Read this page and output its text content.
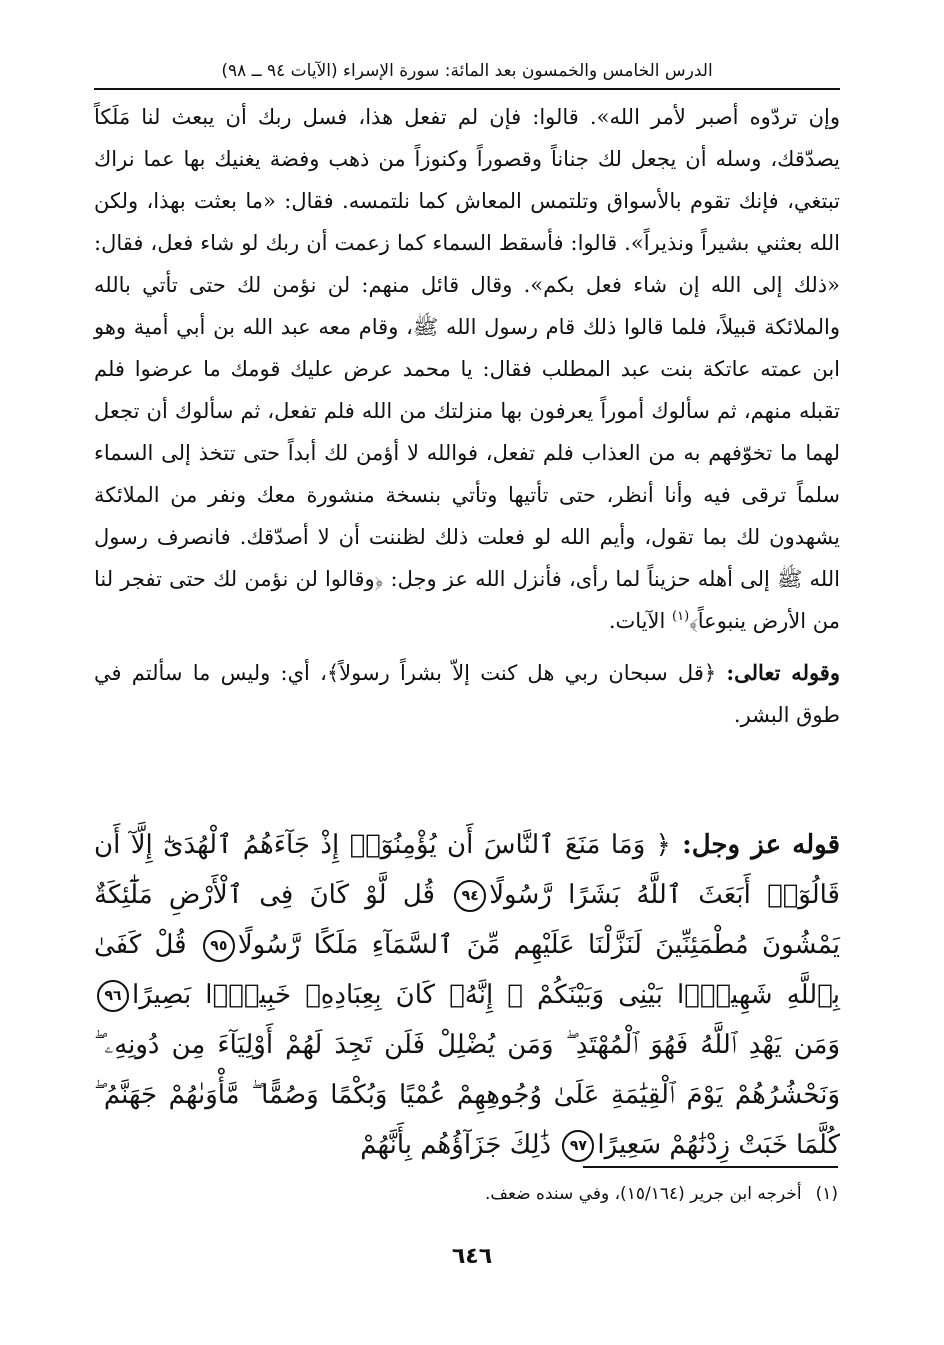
الدرس الخامس والخمسون بعد المائة: سورة الإسراء (الآيات ٩٤ ــ ٩٨)

وإن تردّوه أصبر لأمر الله». قالوا: فإن لم تفعل هذا، فسل ربك أن يبعث لنا مَلَكاً يصدّقك، وسله أن يجعل لك جناناً وقصوراً وكنوزاً من ذهب وفضة يغنيك بها عما نراك تبتغي، فإنك تقوم بالأسواق وتلتمس المعاش كما نلتمسه. فقال: «ما بعثت بهذا، ولكن الله بعثني بشيراً ونذيراً». قالوا: فأسقط السماء كما زعمت أن ربك لو شاء فعل، فقال: «ذلك إلى الله إن شاء فعل بكم». وقال قائل منهم: لن نؤمن لك حتى تأتي بالله والملائكة قبيلاً، فلما قالوا ذلك قام رسول الله ﷺ، وقام معه عبد الله بن أبي أمية وهو ابن عمته عاتكة بنت عبد المطلب فقال: يا محمد عرض عليك قومك ما عرضوا فلم تقبله منهم، ثم سألوك أموراً يعرفون بها منزلتك من الله فلم تفعل، ثم سألوك أن تجعل لهما ما تخوّفهم به من العذاب فلم تفعل، فوالله لا أؤمن لك أبداً حتى تتخذ إلى السماء سلماً ترقى فيه وأنا أنظر، حتى تأتيها وتأتي بنسخة منشورة معك ونفر من الملائكة يشهدون لك بما تقول، وأيم الله لو فعلت ذلك لظننت أن لا أصدّقك. فانصرف رسول الله ﷺ إلى أهله حزيناً لما رأى، فأنزل الله عز وجل: ﴿وقالوا لن نؤمن لك حتى تفجر لنا من الأرض ينبوعاً﴾$^{(١)}$ الآيات.

وقوله تعالى: ﴿قل سبحان ربي هل كنت إلاّ بشراً رسولاً﴾، أي: وليس ما سألتم في طوق البشر.

قوله عز وجل: ﴿ وَمَا مَنَعَ ٱلنَّاسَ أَن يُؤْمِنُوٓا۟ إِذْ جَآءَهُمُ ٱلْهُدَىٰٓ إِلَّآ أَن قَالُوٓا۟ أَبَعَثَ ٱللَّهُ بَشَرًا رَّسُولًا٩٤ قُل لَّوْ كَانَ فِى ٱلْأَرْضِ مَلَٰٓئِكَةٌ يَمْشُونَ مُطْمَئِنِّينَ لَنَزَّلْنَا عَلَيْهِم مِّنَ ٱلسَّمَآءِ مَلَكًا رَّسُولًا٩٥ قُلْ كَفَىٰ بِٱللَّهِ شَهِيدًۢا بَيْنِى وَبَيْنَكُمْ ۚ إِنَّهُۥ كَانَ بِعِبَادِهِۦ خَبِيرًۢا بَصِيرًا٩٦ وَمَن يَهْدِ ٱللَّهُ فَهُوَ ٱلْمُهْتَدِ ۖ وَمَن يُضْلِلْ فَلَن تَجِدَ لَهُمْ أَوْلِيَآءَ مِن دُونِهِۦ ۖ وَنَحْشُرُهُمْ يَوْمَ ٱلْقِيَٰمَةِ عَلَىٰ وُجُوهِهِمْ عُمْيًا وَبُكْمًا وَصُمًّا ۖ مَّأْوَىٰهُمْ جَهَنَّمُ ۖ كُلَّمَا خَبَتْ زِدْنَٰهُمْ سَعِيرًا٩٧ ذَٰلِكَ جَزَآؤُهُم بِأَنَّهُمْ
(١)أخرجه ابن جرير (١٥/١٦٤)، وفي سنده ضعف.
٦٤٦
